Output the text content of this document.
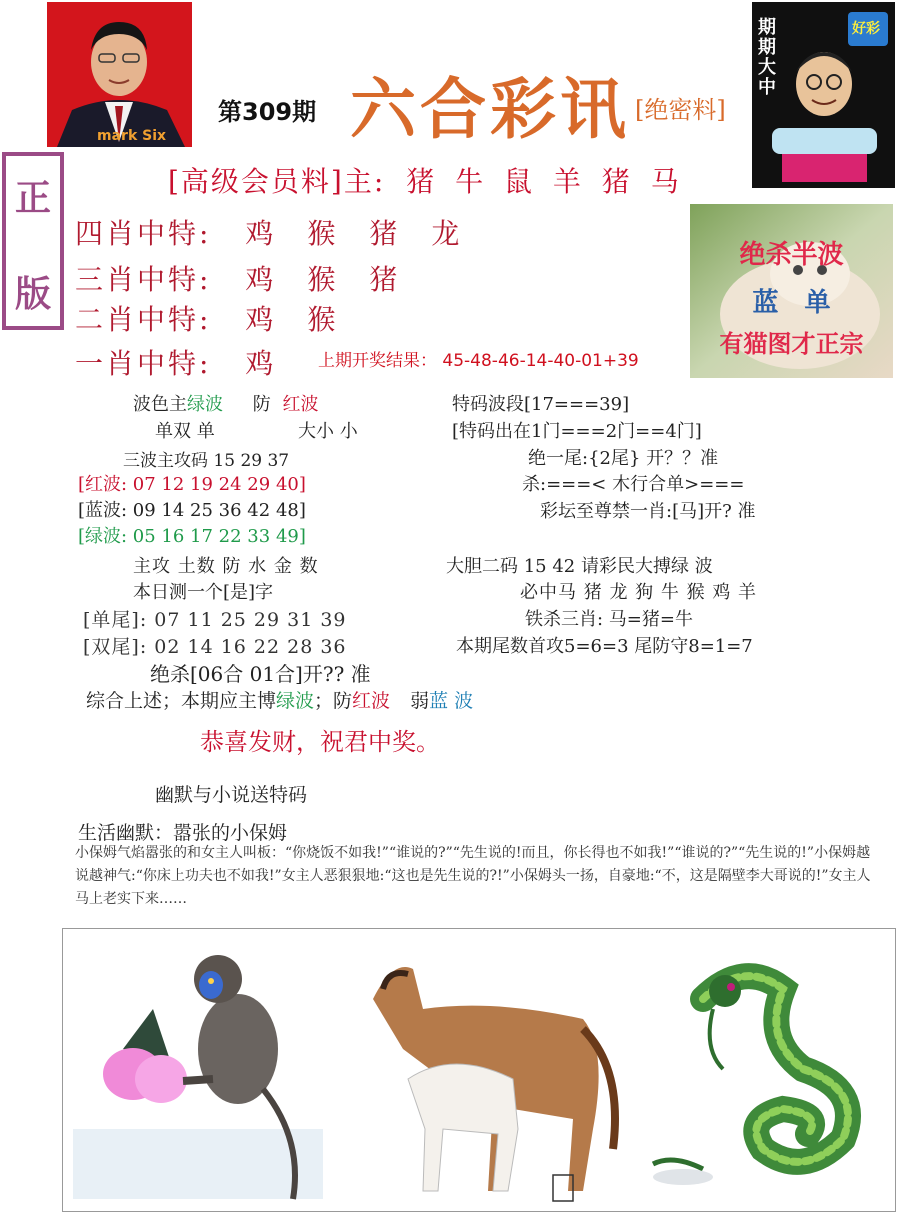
mark Six
第309期 六合彩讯 [绝密料]
期期大中
好彩
正
版
[高级会员料]主: 猪 牛 鼠 羊 猪 马
四肖中特: 鸡　猴　猪　龙
三肖中特: 鸡　猴　猪
二肖中特: 鸡　猴
一肖中特: 鸡 上期开奖结果： 45-48-46-14-40-01+39
绝杀半波
蓝　单
有猫图才正宗
波色主绿波 防 红波
单双 单	大小 小
三波主攻码 15 29 37
[红波: 07 12 19 24 29 40]
[蓝波: 09 14 25 36 42 48]
[绿波: 05 16 17 22 33 49]
主攻 土数 防 水 金 数
本日测一个[是]字
[单尾]: 07 11 25 29 31 39
[双尾]: 02 14 16 22 28 36
绝杀[06合 01合]开?? 准
特码波段[17===39]
[特码出在1门===2门==4门]
绝一尾:{2尾} 开？？准
杀:===< 木行合单>===
彩坛至尊禁一肖:[马]开? 准
大胆二码 15 42 请彩民大搏绿 波
必中马 猪 龙 狗 牛 猴 鸡 羊
铁杀三肖: 马=猪=牛
本期尾数首攻5=6=3 尾防守8=1=7
综合上述；本期应主博绿波；防红波 弱蓝 波
恭喜发财，祝君中奖。
幽默与小说送特码
生活幽默：嚣张的小保姆
小保姆气焰嚣张的和女主人叫板：“你烧饭不如我!”“谁说的?”“先生说的!而且，你长得也不如我!”“谁说的?”“先生说的!”小保姆越说越神气:“你床上功夫也不如我!”女主人恶狠狠地:“这也是先生说的?!”小保姆头一扬，自豪地:“不，这是隔壁李大哥说的!”女主人马上老实下来……
